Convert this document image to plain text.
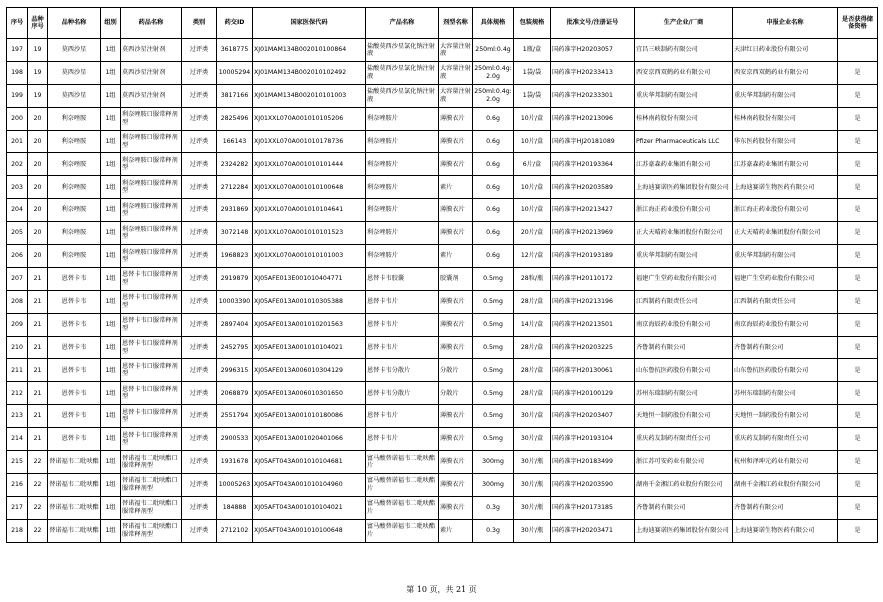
序号	品种序号	品种名称	组别	药品名称	类别	药交ID	国家医保代码	产品名称	剂型名称	具体规格	包装规格	批准文号/注册证号	生产企业/厂商	申报企业名称	是否获得储备资格
197	19	莫西沙星	1组	莫西沙星注射剂	过评类	3618775	XJ01MAM134B002010100864	盐酸莫西沙星氯化钠注射液	大容量注射液	250ml:0.4g	1瓶/盒	国药准字H20203057	宜昌三峡制药有限公司	天津红日药业股份有限公司	
198	19	莫西沙星	1组	莫西沙星注射剂	过评类	10005294	XJ01MAM134B002010102492	盐酸莫西沙星氯化钠注射液	大容量注射液	250ml:0.4g:2.0g	1袋/袋	国药准字H20233413	西安京西双鹤药业有限公司	西安京西双鹤药业有限公司	是
199	19	莫西沙星	1组	莫西沙星注射剂	过评类	3817166	XJ01MAM134B002010101003	盐酸莫西沙星氯化钠注射液	大容量注射液	250ml:0.4g:2.0g	1袋/袋	国药准字H20233301	重庆华邦制药有限公司	重庆华邦制药有限公司	是
200	20	利奈唑胺	1组	利奈唑胺口服常释剂型	过评类	2825496	XJ01XXL070A001010105206	利奈唑胺片	薄膜衣片	0.6g	10片/盒	国药准字H20213096	桂林南药股份有限公司	桂林南药股份有限公司	是
201	20	利奈唑胺	1组	利奈唑胺口服常释剂型	过评类	166143	XJ01XXL070A001010178736	利奈唑胺片	薄膜衣片	0.6g	10片/盒	国药准字HJ20181089	Pfizer Pharmaceuticals LLC	华东医药股份有限公司	是
202	20	利奈唑胺	1组	利奈唑胺口服常释剂型	过评类	2324282	XJ01XXL070A001010101444	利奈唑胺片	薄膜衣片	0.6g	6片/盒	国药准字H20193364	江苏豪森药业集团有限公司	江苏豪森药业集团有限公司	是
203	20	利奈唑胺	1组	利奈唑胺口服常释剂型	过评类	2712284	XJ01XXL070A001010100648	利奈唑胺片	素片	0.6g	10片/盒	国药准字H20203589	上海迪赛诺医药集团股份有限公司	上海迪赛诺生物医药有限公司	是
204	20	利奈唑胺	1组	利奈唑胺口服常释剂型	过评类	2931869	XJ01XXL070A001010104641	利奈唑胺片	薄膜衣片	0.6g	10片/盒	国药准字H20213427	浙江海正药业股份有限公司	浙江海正药业股份有限公司	是
205	20	利奈唑胺	1组	利奈唑胺口服常释剂型	过评类	3072148	XJ01XXL070A001010101523	利奈唑胺片	薄膜衣片	0.6g	20片/盒	国药准字H20213969	正大天晴药业集团股份有限公司	正大天晴药业集团股份有限公司	是
206	20	利奈唑胺	1组	利奈唑胺口服常释剂型	过评类	1968823	XJ01XXL070A001010101003	利奈唑胺片	素片	0.6g	12片/盒	国药准字H20193189	重庆华邦制药有限公司	重庆华邦制药有限公司	是
207	21	恩替卡韦	1组	恩替卡韦口服常释剂型	过评类	2919879	XJ05AFE013E001010404771	恩替卡韦胶囊	胶囊剂	0.5mg	28粒/瓶	国药准字H20110172	福建广生堂药业股份有限公司	福建广生堂药业股份有限公司	是
208	21	恩替卡韦	1组	恩替卡韦口服常释剂型	过评类	10003390	XJ05AFE013A001010305388	恩替卡韦片	薄膜衣片	0.5mg	28片/盒	国药准字H20213196	江西制药有限责任公司	江西制药有限责任公司	是
209	21	恩替卡韦	1组	恩替卡韦口服常释剂型	过评类	2897404	XJ05AFE013A001010201563	恩替卡韦片	薄膜衣片	0.5mg	14片/盒	国药准字H20213501	南京海辰药业股份有限公司	南京海辰药业股份有限公司	是
210	21	恩替卡韦	1组	恩替卡韦口服常释剂型	过评类	2452795	XJ05AFE013A001010104021	恩替卡韦片	薄膜衣片	0.5mg	28片/盒	国药准字H20203225	齐鲁制药有限公司	齐鲁制药有限公司	是
211	21	恩替卡韦	1组	恩替卡韦口服常释剂型	过评类	2996315	XJ05AFE013A006010304129	恩替卡韦分散片	分散片	0.5mg	28片/盒	国药准字H20130061	山东鲁抗医药股份有限公司	山东鲁抗医药股份有限公司	是
212	21	恩替卡韦	1组	恩替卡韦口服常释剂型	过评类	2068879	XJ05AFE013A006010301650	恩替卡韦分散片	分散片	0.5mg	28片/盒	国药准字H20100129	苏州东瑞制药有限公司	苏州东瑞制药有限公司	是
213	21	恩替卡韦	1组	恩替卡韦口服常释剂型	过评类	2551794	XJ05AFE013A001010180086	恩替卡韦片	薄膜衣片	0.5mg	30片/盒	国药准字H20203407	天地恒一制药股份有限公司	天地恒一制药股份有限公司	是
214	21	恩替卡韦	1组	恩替卡韦口服常释剂型	过评类	2900533	XJ05AFE013A001020401066	恩替卡韦片	薄膜衣片	0.5mg	30片/盒	国药准字H20193104	重庆药友制药有限责任公司	重庆药友制药有限责任公司	是
215	22	替诺福韦二吡呋酯	1组	替诺福韦二吡呋酯口服常释剂型	过评类	1931678	XJ05AFT043A001010104681	富马酸替诺福韦二吡呋酯片	薄膜衣片	300mg	30片/瓶	国药准字H20183499	浙江苏可安药业有限公司	杭州和泽坤元药业有限公司	是
216	22	替诺福韦二吡呋酯	1组	替诺福韦二吡呋酯口服常释剂型	过评类	10005263	XJ05AFT043A001010104960	富马酸替诺福韦二吡呋酯片	薄膜衣片	300mg	30片/瓶	国药准字H20203590	湖南千金湘江药业股份有限公司	湖南千金湘江药业股份有限公司	是
217	22	替诺福韦二吡呋酯	1组	替诺福韦二吡呋酯口服常释剂型	过评类	184888	XJ05AFT043A001010104021	富马酸替诺福韦二吡呋酯片	薄膜衣片	0.3g	30片/瓶	国药准字H20173185	齐鲁制药有限公司	齐鲁制药有限公司	是
218	22	替诺福韦二吡呋酯	1组	替诺福韦二吡呋酯口服常释剂型	过评类	2712102	XJ05AFT043A001010100648	富马酸替诺福韦二吡呋酯片	素片	0.3g	30片/瓶	国药准字H20203471	上海迪赛诺医药集团股份有限公司	上海迪赛诺生物医药有限公司	是
第 10 页，共 21 页
